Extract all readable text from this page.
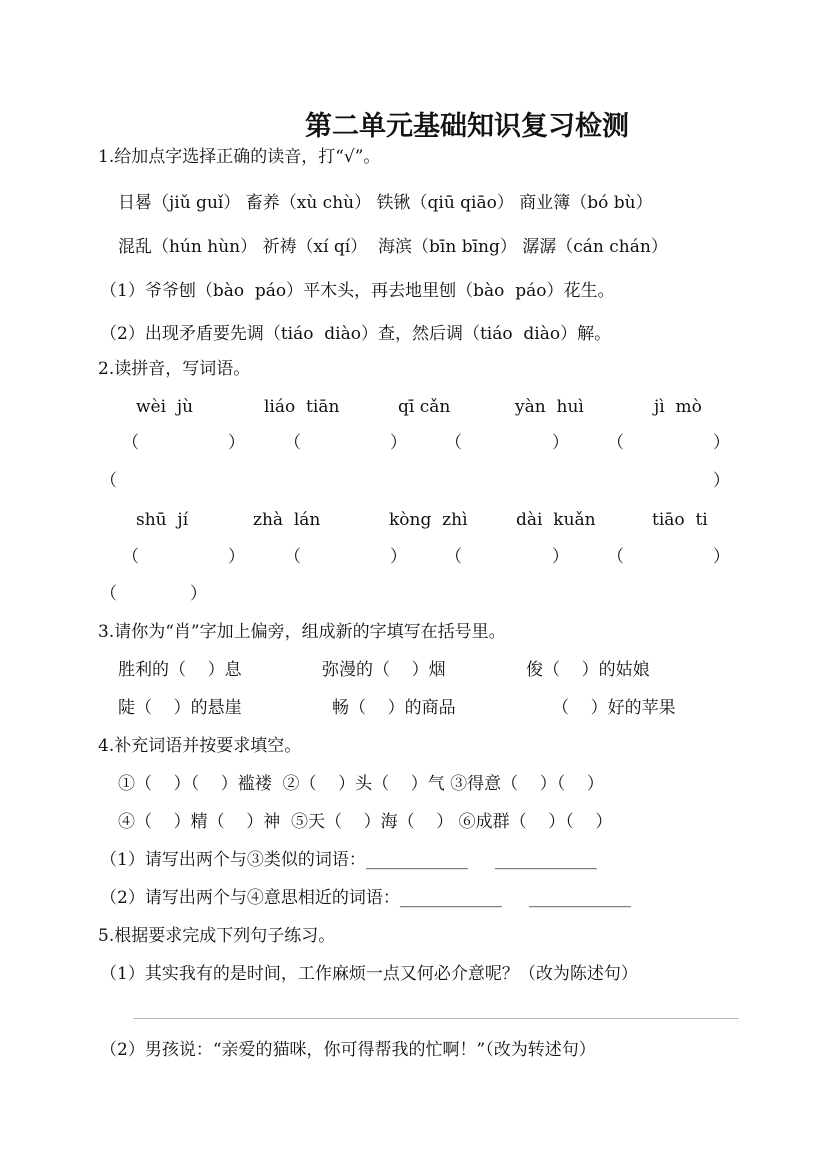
第二单元基础知识复习检测
1.给加点字选择正确的读音，打“√”。
日晷（jiǔ guǐ） 畜养（xù chù） 铁锹（qiū qiāo） 商业簿（bó bù）
混乱（hún hùn） 祈祷（xí qí）  海滨（bīn bīng） 潺潺（cán chán）
（1）爷爷刨（bào  páo）平木头，再去地里刨（bào  páo）花生。
（2）出现矛盾要先调（tiáo  diào）查，然后调（tiáo  diào）解。
2.读拼音，写词语。
wèi  jù	liáo  tiān	qī cǎn	yàn  huì	jì  mò
（	） （	） （	） （	）
（	）
shū  jí	zhà  lán	kòng  zhì	dài  kuǎn	tiāo  ti
（	） （	） （	） （	）
（	）
3.请你为“肖”字加上偏旁，组成新的字填写在括号里。
胜利的（    ）息	弥漫的（    ）烟	俊（    ）的姑娘
陡（    ）的悬崖	畅（    ）的商品	（    ）好的苹果
4.补充词语并按要求填空。
①（    ）（    ）褴褛  ②（    ）头（    ）气 ③得意（    ）（    ）
④（    ）精（    ）神  ⑤天（    ）海（    ） ⑥成群（    ）（    ）
（1）请写出两个与③类似的词语：____________     ____________
（2）请写出两个与④意思相近的词语：____________     ____________
5.根据要求完成下列句子练习。
（1）其实我有的是时间，工作麻烦一点又何必介意呢？（改为陈述句）
（2）男孩说：“亲爱的猫咪，你可得帮我的忙啊！”（改为转述句）
